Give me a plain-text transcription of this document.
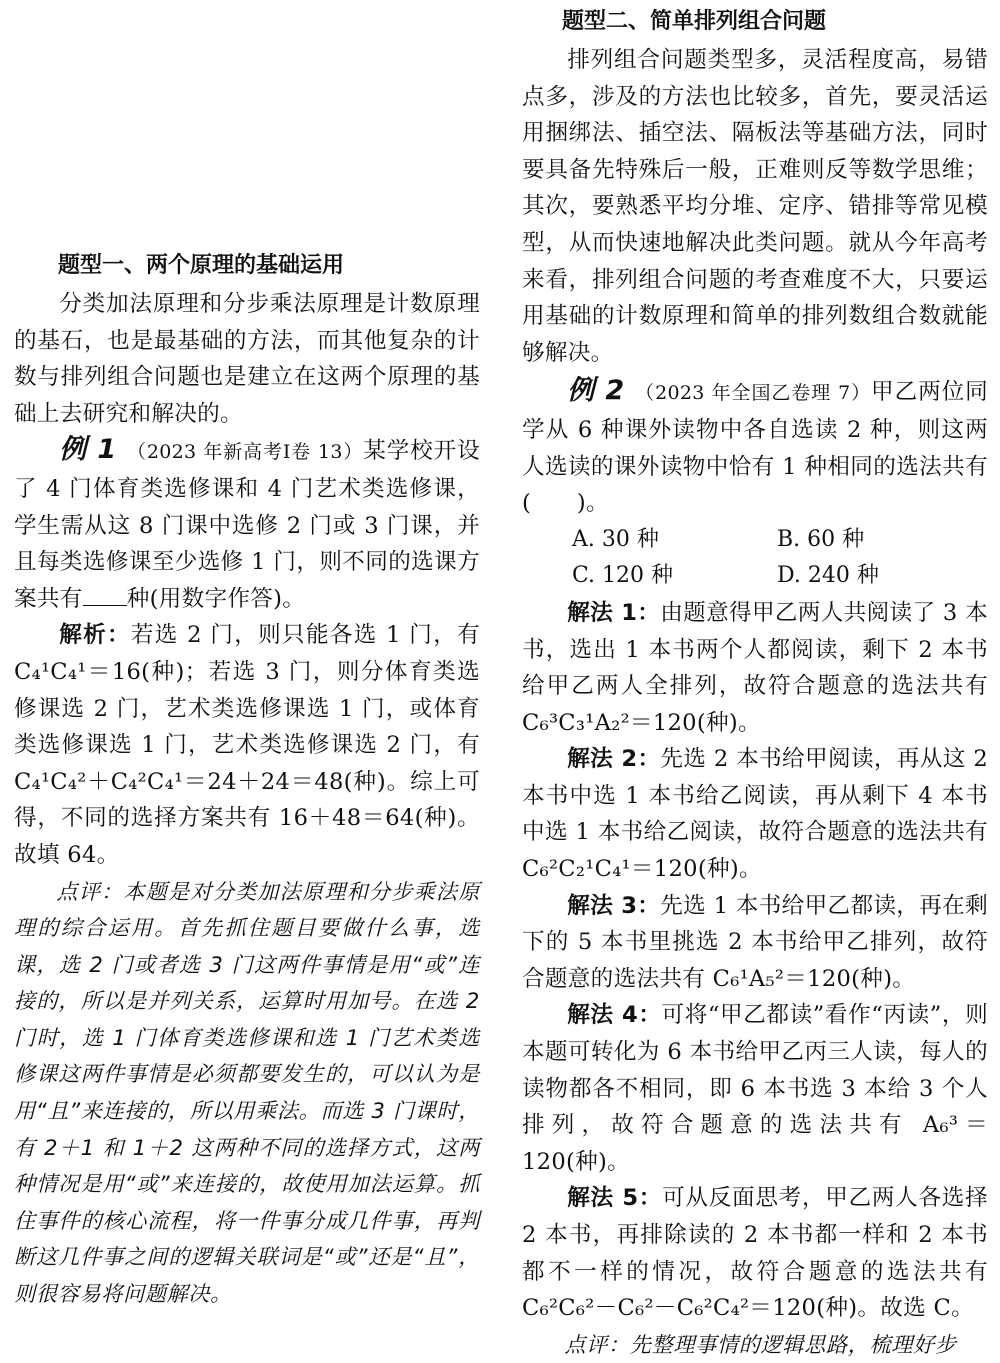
题型一、两个原理的基础运用

分类加法原理和分步乘法原理是计数原理的基石，也是最基础的方法，而其他复杂的计数与排列组合问题也是建立在这两个原理的基础上去研究和解决的。

例 1 （2023 年新高考Ⅰ卷 13）某学校开设了 4 门体育类选修课和 4 门艺术类选修课，学生需从这 8 门课中选修 2 门或 3 门课，并且每类选修课至少选修 1 门，则不同的选课方案共有 种(用数字作答)。

解析：若选 2 门，则只能各选 1 门，有 C₄¹C₄¹＝16(种)；若选 3 门，则分体育类选修课选 2 门，艺术类选修课选 1 门，或体育类选修课选 1 门，艺术类选修课选 2 门，有 C₄¹C₄²＋C₄²C₄¹＝24＋24＝48(种)。综上可得，不同的选择方案共有 16＋48＝64(种)。故填 64。

点评：本题是对分类加法原理和分步乘法原理的综合运用。首先抓住题目要做什么事，选课，选 2 门或者选 3 门这两件事情是用“或”连接的，所以是并列关系，运算时用加号。在选 2 门时，选 1 门体育类选修课和选 1 门艺术类选修课这两件事情是必须都要发生的，可以认为是用“且”来连接的，所以用乘法。而选 3 门课时，有 2＋1 和 1＋2 这两种不同的选择方式，这两种情况是用“或”来连接的，故使用加法运算。抓住事件的核心流程，将一件事分成几件事，再判断这几件事之间的逻辑关联词是“或”还是“且”，则很容易将问题解决。

题型二、简单排列组合问题

排列组合问题类型多，灵活程度高，易错点多，涉及的方法也比较多，首先，要灵活运用捆绑法、插空法、隔板法等基础方法，同时要具备先特殊后一般，正难则反等数学思维；其次，要熟悉平均分堆、定序、错排等常见模型，从而快速地解决此类问题。就从今年高考来看，排列组合问题的考查难度不大，只要运用基础的计数原理和简单的排列数组合数就能够解决。

例 2 （2023 年全国乙卷理 7）甲乙两位同学从 6 种课外读物中各自选读 2 种，则这两人选读的课外读物中恰有 1 种相同的选法共有(　　)。

A. 30 种	B. 60 种
C. 120 种	D. 240 种

解法 1：由题意得甲乙两人共阅读了 3 本书，选出 1 本书两个人都阅读，剩下 2 本书给甲乙两人全排列，故符合题意的选法共有 C₆³C₃¹A₂²＝120(种)。

解法 2：先选 2 本书给甲阅读，再从这 2 本书中选 1 本书给乙阅读，再从剩下 4 本书中选 1 本书给乙阅读，故符合题意的选法共有 C₆²C₂¹C₄¹＝120(种)。

解法 3：先选 1 本书给甲乙都读，再在剩下的 5 本书里挑选 2 本书给甲乙排列，故符合题意的选法共有 C₆¹A₅²＝120(种)。

解法 4：可将“甲乙都读”看作“丙读”，则本题可转化为 6 本书给甲乙丙三人读，每人的读物都各不相同，即 6 本书选 3 本给 3 个人排列，故符合题意的选法共有 A₆³＝120(种)。

解法 5：可从反面思考，甲乙两人各选择 2 本书，再排除读的 2 本书都一样和 2 本书都不一样的情况，故符合题意的选法共有 C₆²C₆²－C₆²－C₆²C₄²＝120(种)。故选 C。

点评：先整理事情的逻辑思路，梳理好步
